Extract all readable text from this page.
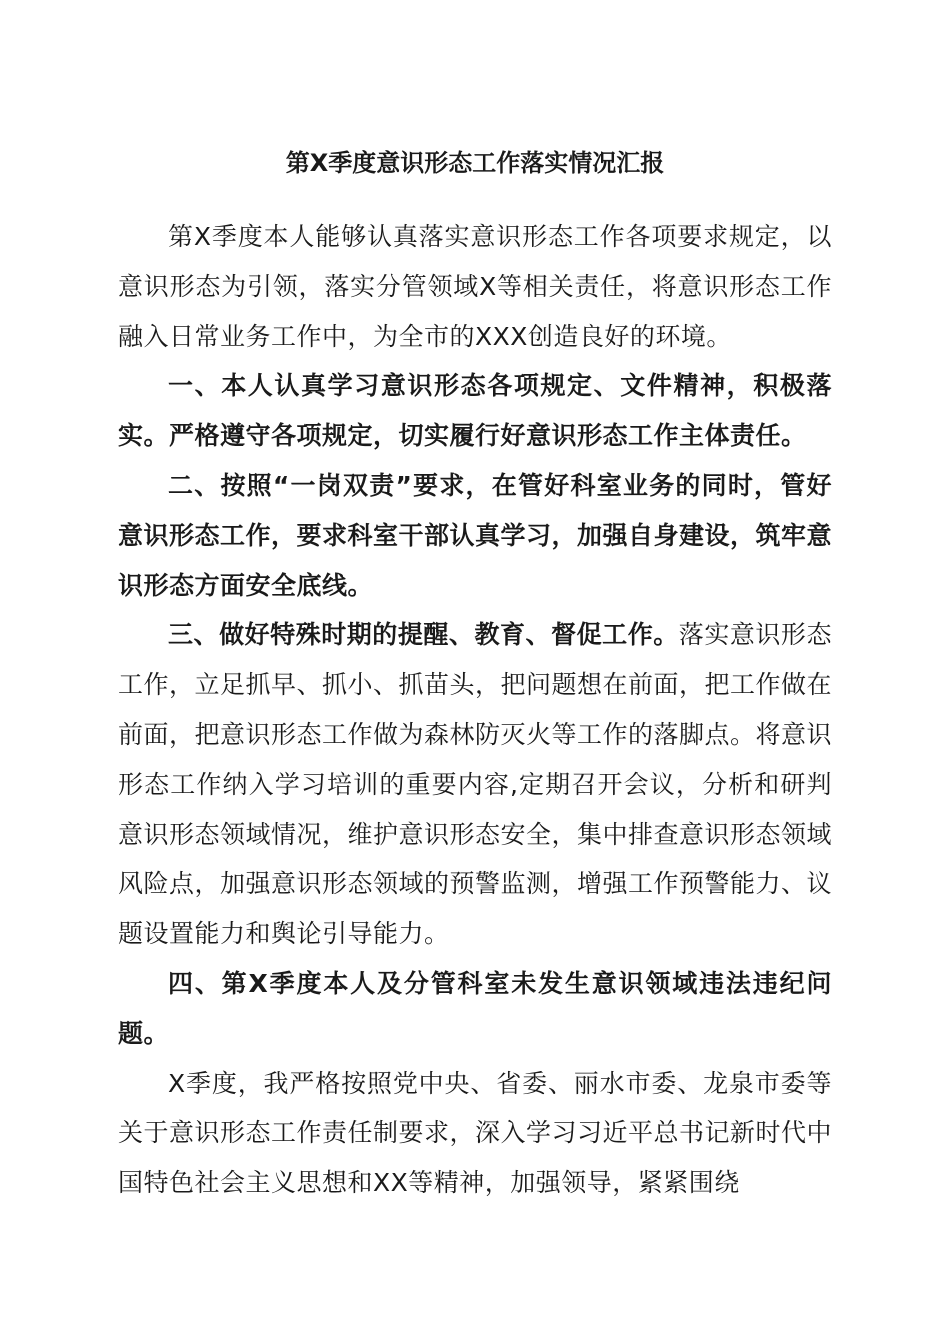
第X季度意识形态工作落实情况汇报

第X季度本人能够认真落实意识形态工作各项要求规定，以意识形态为引领，落实分管领域X等相关责任，将意识形态工作融入日常业务工作中，为全市的XXX创造良好的环境。

一、本人认真学习意识形态各项规定、文件精神，积极落实。严格遵守各项规定，切实履行好意识形态工作主体责任。

二、按照“一岗双责”要求，在管好科室业务的同时，管好意识形态工作，要求科室干部认真学习，加强自身建设，筑牢意识形态方面安全底线。

三、做好特殊时期的提醒、教育、督促工作。落实意识形态工作，立足抓早、抓小、抓苗头，把问题想在前面，把工作做在前面，把意识形态工作做为森林防灭火等工作的落脚点。将意识形态工作纳入学习培训的重要内容,定期召开会议，分析和研判意识形态领域情况，维护意识形态安全，集中排查意识形态领域风险点，加强意识形态领域的预警监测，增强工作预警能力、议题设置能力和舆论引导能力。

四、第X季度本人及分管科室未发生意识领域违法违纪问题。

X季度，我严格按照党中央、省委、丽水市委、龙泉市委等关于意识形态工作责任制要求，深入学习习近平总书记新时代中国特色社会主义思想和XX等精神，加强领导，紧紧围绕
